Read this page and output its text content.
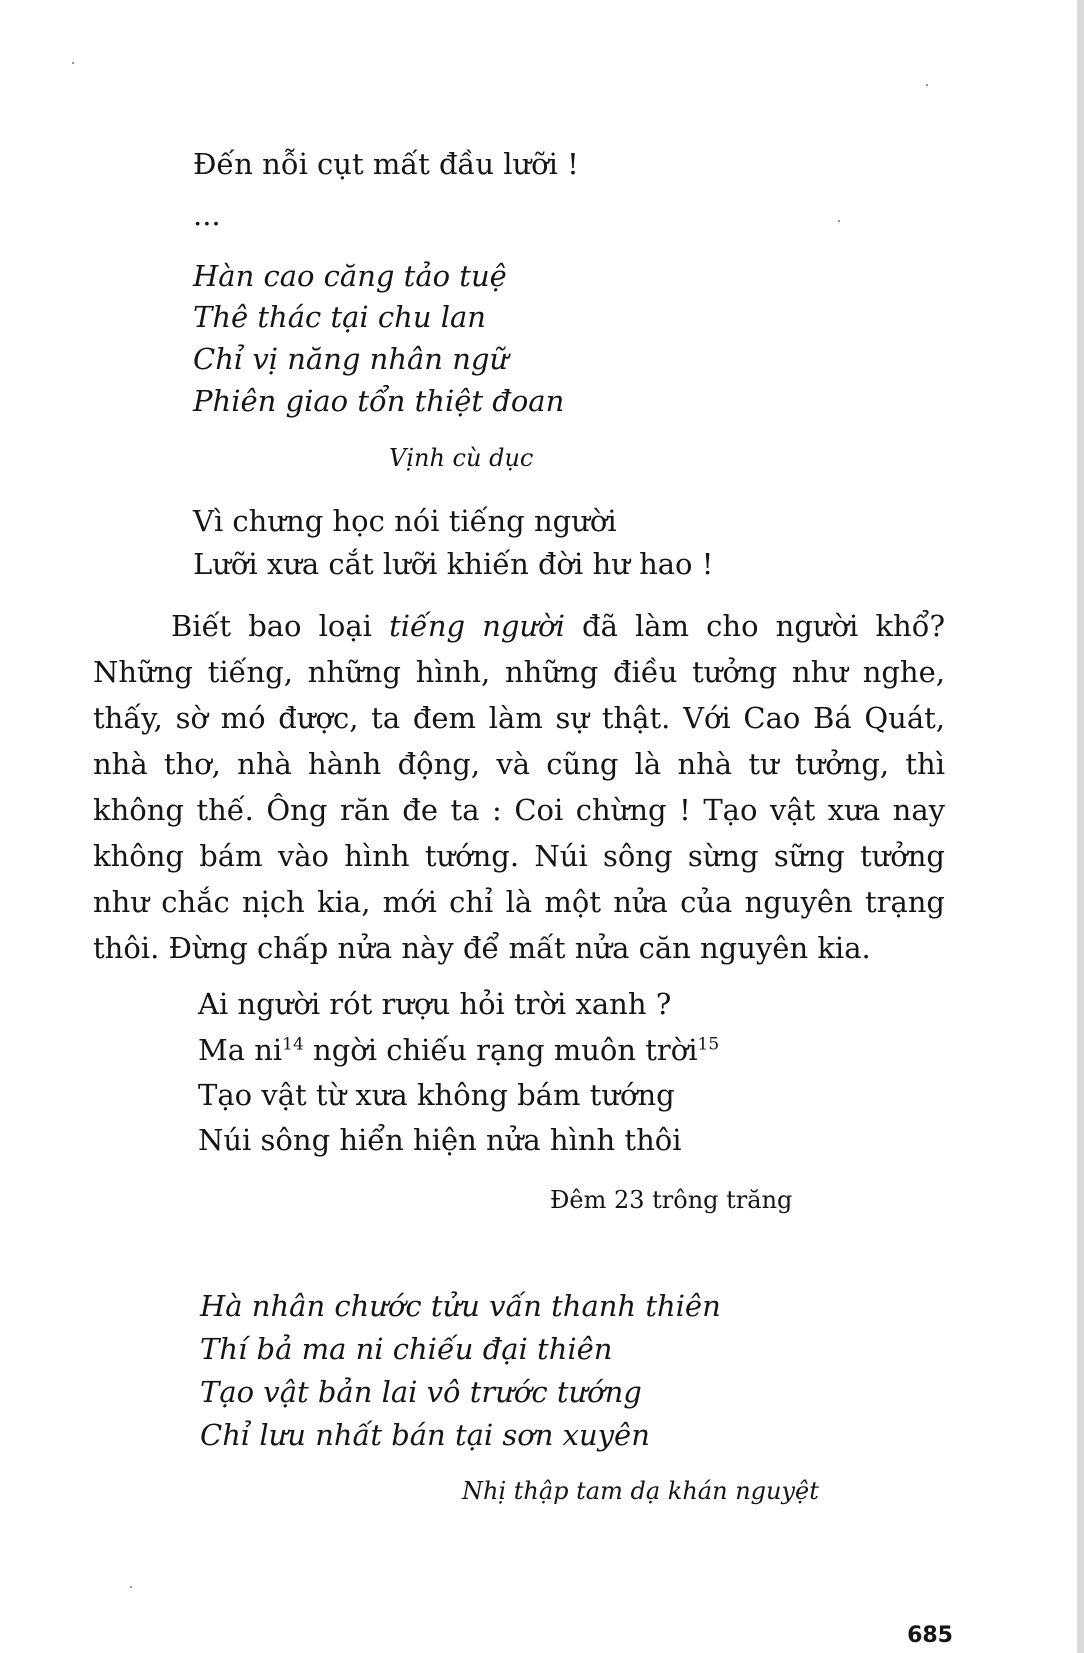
Đến nỗi cụt mất đầu lưỡi !
...
Hàn cao căng tảo tuệ
Thê thác tại chu lan
Chỉ vị năng nhân ngữ
Phiên giao tổn thiệt đoan
Vịnh cù dục
Vì chưng học nói tiếng người
Lưỡi xưa cắt lưỡi khiến đời hư hao !
Biết bao loại tiếng người đã làm cho người khổ? Những tiếng, những hình, những điều tưởng như nghe, thấy, sờ mó được, ta đem làm sự thật. Với Cao Bá Quát, nhà thơ, nhà hành động, và cũng là nhà tư tưởng, thì không thế. Ông răn đe ta : Coi chừng ! Tạo vật xưa nay không bám vào hình tướng. Núi sông sừng sững tưởng như chắc nịch kia, mới chỉ là một nửa của nguyên trạng thôi. Đừng chấp nửa này để mất nửa căn nguyên kia.
Ai người rót rượu hỏi trời xanh ?
Ma $ni^{14}$ ngời chiếu rạng muôn trời$^{15}$
Tạo vật từ xưa không bám tướng
Núi sông hiển hiện nửa hình thôi
Đêm 23 trông trăng
Hà nhân chước tửu vấn thanh thiên
Thí bả ma ni chiếu đại thiên
Tạo vật bản lai vô trước tướng
Chỉ lưu nhất bán tại sơn xuyên
Nhị thập tam dạ khán nguyệt
685
